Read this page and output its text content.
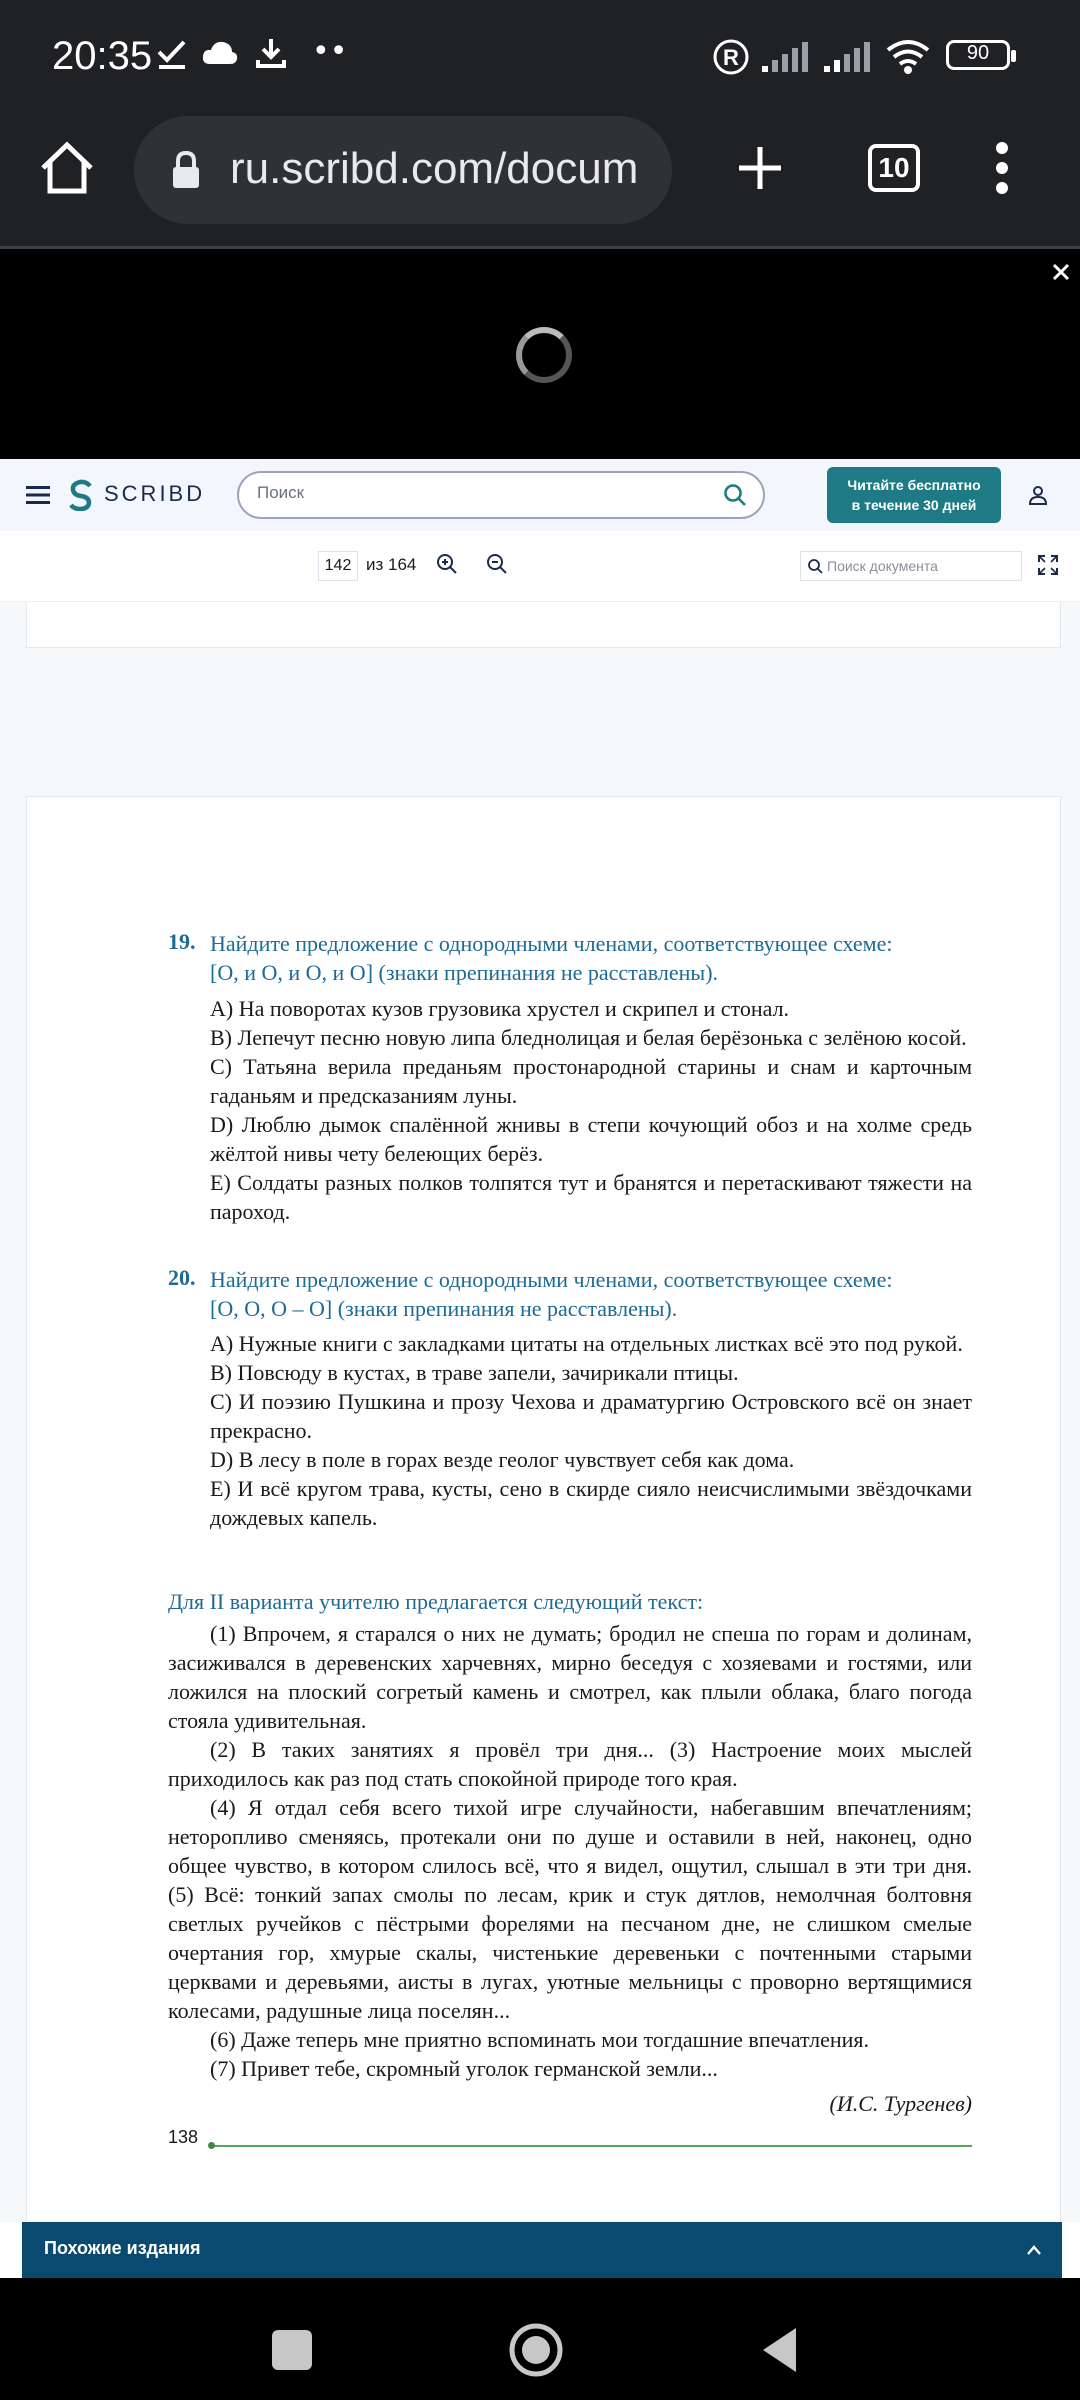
20:35	••	R	90
ru.scribd.com/docum	10
SCRIBD	Поиск	Читайте бесплатно
в течение 30 дней
142 из 164	Поиск документа
19. Найдите предложение с однородными членами, соответствующее схеме:
[О, и О, и О, и О] (знаки препинания не расставлены).
A) На поворотах кузов грузовика хрустел и скрипел и стонал.
B) Лепечут песню новую липа бледнолицая и белая берёзонька с зелёною косой.
C) Татьяна верила преданьям простонародной старины и снам и карточным гаданьям и предсказаниям луны.
D) Люблю дымок спалённой жнивы в степи кочующий обоз и на холме средь жёлтой нивы чету белеющих берёз.
E) Солдаты разных полков толпятся тут и бранятся и перетаскивают тяжести на пароход.
20. Найдите предложение с однородными членами, соответствующее схеме:
[О, О, О – О] (знаки препинания не расставлены).
A) Нужные книги с закладками цитаты на отдельных листках всё это под рукой.
B) Повсюду в кустах, в траве запели, зачирикали птицы.
C) И поэзию Пушкина и прозу Чехова и драматургию Островского всё он знает прекрасно.
D) В лесу в поле в горах везде геолог чувствует себя как дома.
E) И всё кругом трава, кусты, сено в скирде сияло неисчислимыми звёздочками дождевых капель.
Для II варианта учителю предлагается следующий текст:
(1) Впрочем, я старался о них не думать; бродил не спеша по горам и долинам, засиживался в деревенских харчевнях, мирно беседуя с хозяевами и гостями, или ложился на плоский согретый камень и смотрел, как плыли облака, благо погода стояла удивительная.
(2) В таких занятиях я провёл три дня... (3) Настроение моих мыслей приходилось как раз под стать спокойной природе того края.
(4) Я отдал себя всего тихой игре случайности, набегавшим впечатлениям; неторопливо сменяясь, протекали они по душе и оставили в ней, наконец, одно общее чувство, в котором слилось всё, что я видел, ощутил, слышал в эти три дня. (5) Всё: тонкий запах смолы по лесам, крик и стук дятлов, немолчная болтовня светлых ручейков с пёстрыми форелями на песчаном дне, не слишком смелые очертания гор, хмурые скалы, чистенькие деревеньки с почтенными старыми церквами и деревьями, аисты в лугах, уютные мельницы с проворно вертящимися колесами, радушные лица поселян...
(6) Даже теперь мне приятно вспоминать мои тогдашние впечатления.
(7) Привет тебе, скромный уголок германской земли...
(И.С. Тургенев)
138
Похожие издания
